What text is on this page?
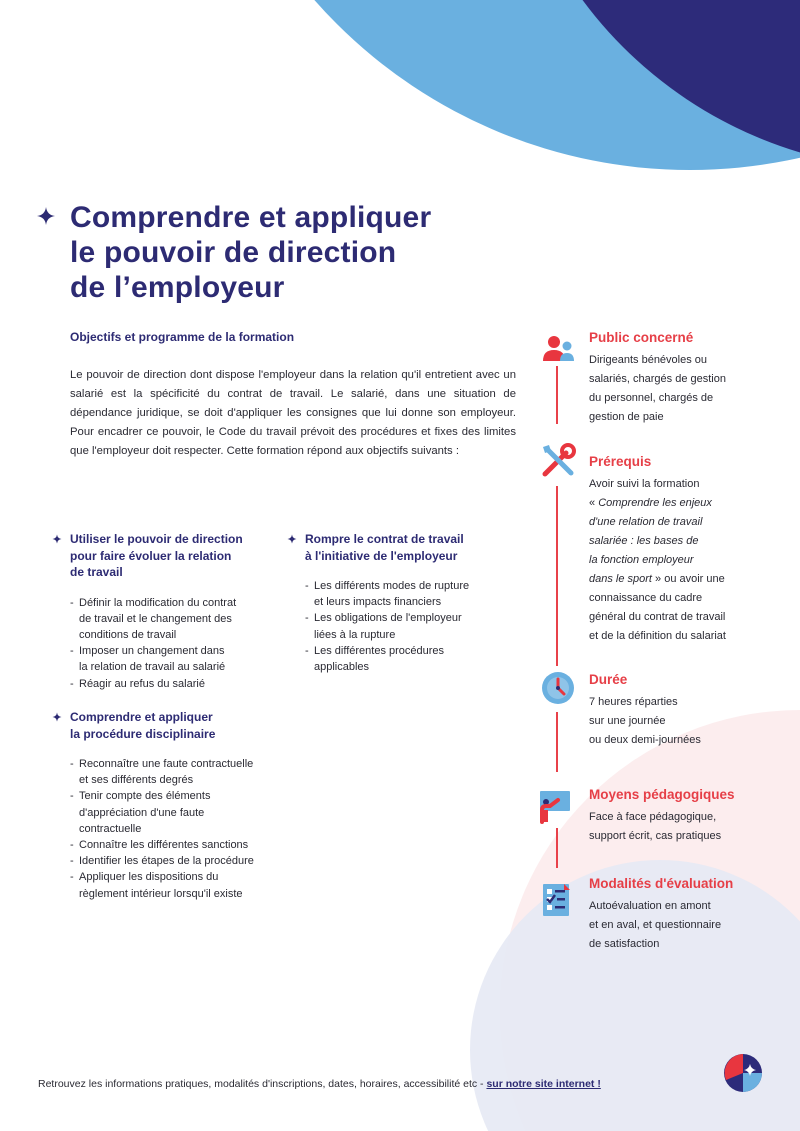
Comprendre et appliquer
le pouvoir de direction
de l’employeur
Objectifs et programme de la formation

Le pouvoir de direction dont dispose l'employeur dans la relation qu'il entretient avec un salarié est la spécificité du contrat de travail. Le salarié, dans une situation de dépendance juridique, se doit d'appliquer les consignes que lui donne son employeur. Pour encadrer ce pouvoir, le Code du travail prévoit des procédures et fixes des limites que l'employeur doit respecter. Cette formation répond aux objectifs suivants :

Utiliser le pouvoir de direction
pour faire évoluer la relation
de travail
- Définir la modification du contrat
de travail et le changement des
conditions de travail
- Imposer un changement dans
la relation de travail au salarié
- Réagir au refus du salarié
Rompre le contrat de travail
à l'initiative de l'employeur
- Les différents modes de rupture
et leurs impacts financiers
- Les obligations de l'employeur
liées à la rupture
- Les différentes procédures
applicables
Comprendre et appliquer
la procédure disciplinaire
- Reconnaître une faute contractuelle
et ses différents degrés
- Tenir compte des éléments
d'appréciation d'une faute
contractuelle
- Connaître les différentes sanctions
- Identifier les étapes de la procédure
- Appliquer les dispositions du
règlement intérieur lorsqu'il existe
Public concerné

Dirigeants bénévoles ou
salariés, chargés de gestion
du personnel, chargés de
gestion de paie

Prérequis

Avoir suivi la formation
« Comprendre les enjeux
d'une relation de travail
salariée : les bases de
la fonction employeur
dans le sport » ou avoir une
connaissance du cadre
général du contrat de travail
et de la définition du salariat

Durée

7 heures réparties
sur une journée
ou deux demi-journées

Moyens pédagogiques

Face à face pédagogique,
support écrit, cas pratiques

Modalités d'évaluation

Autoévaluation en amont
et en aval, et questionnaire
de satisfaction

Retrouvez les informations pratiques, modalités d'inscriptions, dates, horaires, accessibilité etc - sur notre site internet !
